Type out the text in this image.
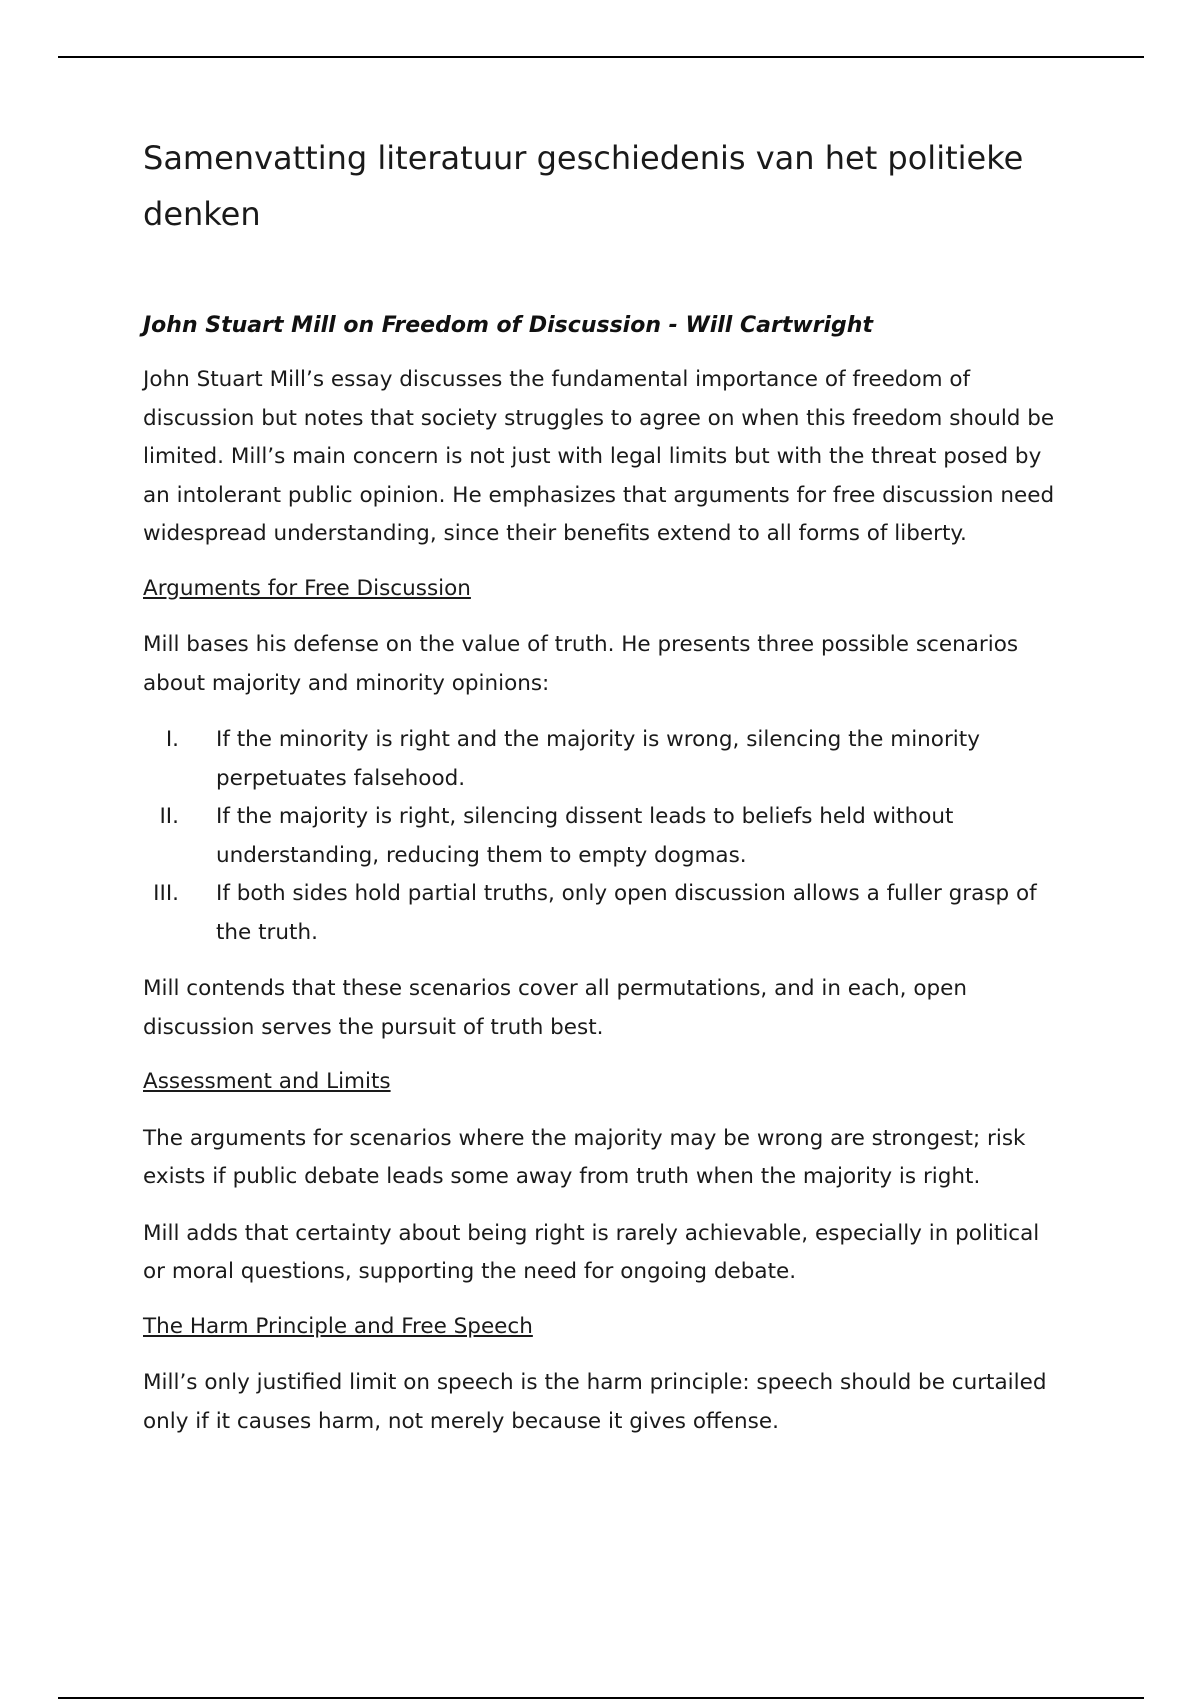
Samenvatting literatuur geschiedenis van het politieke denken
John Stuart Mill on Freedom of Discussion - Will Cartwright

John Stuart Mill’s essay discusses the fundamental importance of freedom of discussion but notes that society struggles to agree on when this freedom should be limited. Mill’s main concern is not just with legal limits but with the threat posed by an intolerant public opinion. He emphasizes that arguments for free discussion need widespread understanding, since their benefits extend to all forms of liberty.

Arguments for Free Discussion

Mill bases his defense on the value of truth. He presents three possible scenarios about majority and minority opinions:

I. If the minority is right and the majority is wrong, silencing the minority perpetuates falsehood.
II. If the majority is right, silencing dissent leads to beliefs held without understanding, reducing them to empty dogmas.
III. If both sides hold partial truths, only open discussion allows a fuller grasp of the truth.

Mill contends that these scenarios cover all permutations, and in each, open discussion serves the pursuit of truth best.

Assessment and Limits

The arguments for scenarios where the majority may be wrong are strongest; risk exists if public debate leads some away from truth when the majority is right.

Mill adds that certainty about being right is rarely achievable, especially in political or moral questions, supporting the need for ongoing debate.

The Harm Principle and Free Speech

Mill’s only justified limit on speech is the harm principle: speech should be curtailed only if it causes harm, not merely because it gives offense.
